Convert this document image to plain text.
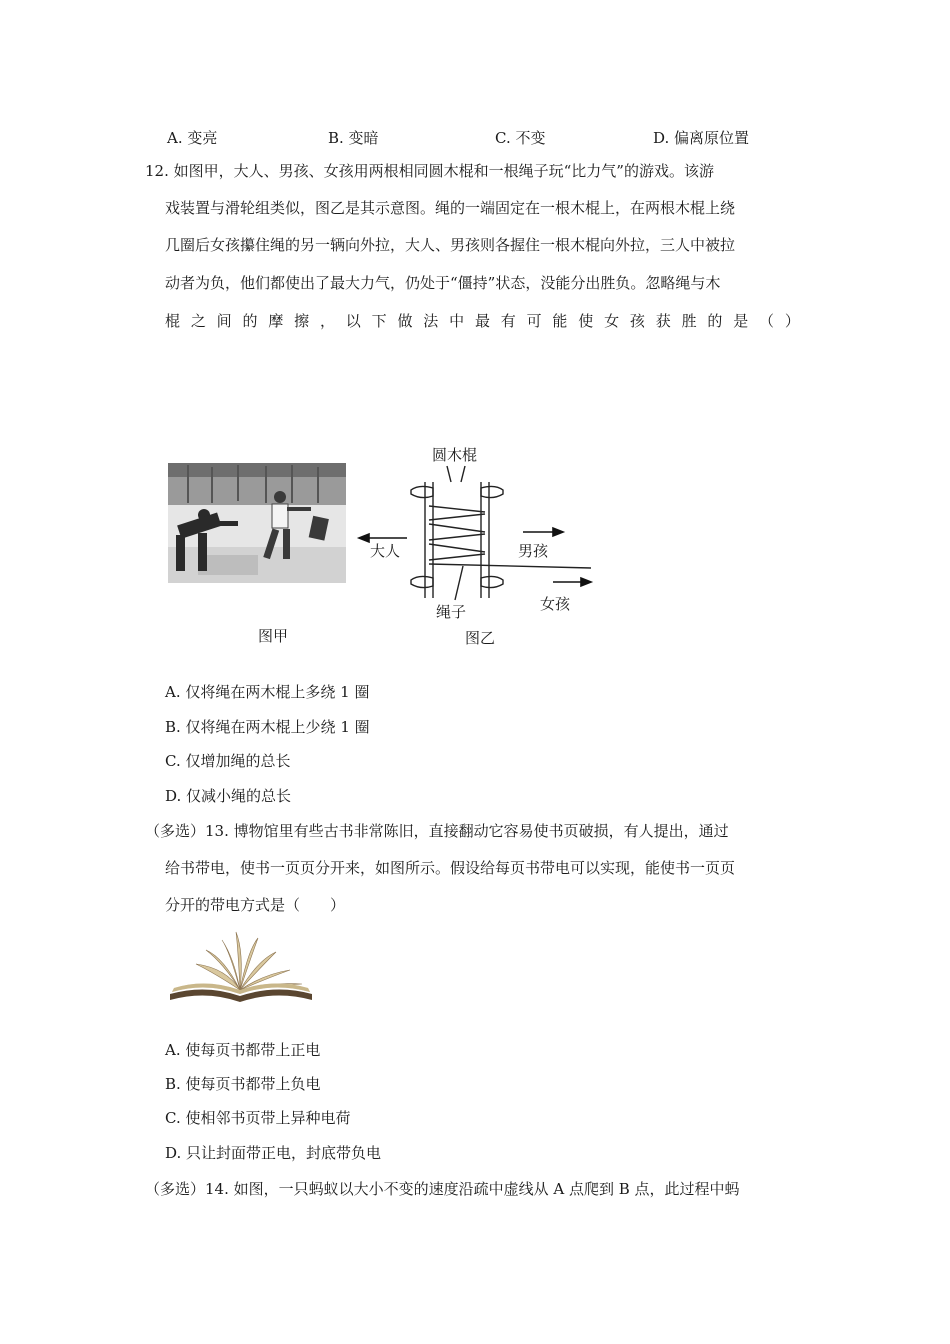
A. 变亮	B. 变暗	C. 不变	D. 偏离原位置
12. 如图甲，大人、男孩、女孩用两根相同圆木棍和一根绳子玩“比力气”的游戏。该游
戏装置与滑轮组类似，图乙是其示意图。绳的一端固定在一根木棍上，在两根木棍上绕
几圈后女孩攥住绳的另一辆向外拉，大人、男孩则各握住一根木棍向外拉，三人中被拉
动者为负，他们都使出了最大力气，仍处于“僵持”状态，没能分出胜负。忽略绳与木
棍 之 间 的 摩 擦 ， 以 下 做 法 中 最 有 可 能 使 女 孩 获 胜 的 是 （ ）
图甲
圆木棍
大人	男孩
女孩
绳子
图乙
A. 仅将绳在两木棍上多绕 1 圈
B. 仅将绳在两木棍上少绕 1 圈
C. 仅增加绳的总长
D. 仅减小绳的总长
（多选）13. 博物馆里有些古书非常陈旧，直接翻动它容易使书页破损，有人提出，通过
给书带电，使书一页页分开来，如图所示。假设给每页书带电可以实现，能使书一页页
分开的带电方式是（　　）
A. 使每页书都带上正电
B. 使每页书都带上负电
C. 使相邻书页带上异种电荷
D. 只让封面带正电，封底带负电
（多选）14. 如图，一只蚂蚁以大小不变的速度沿疏中虚线从 A 点爬到 B 点，此过程中蚂
